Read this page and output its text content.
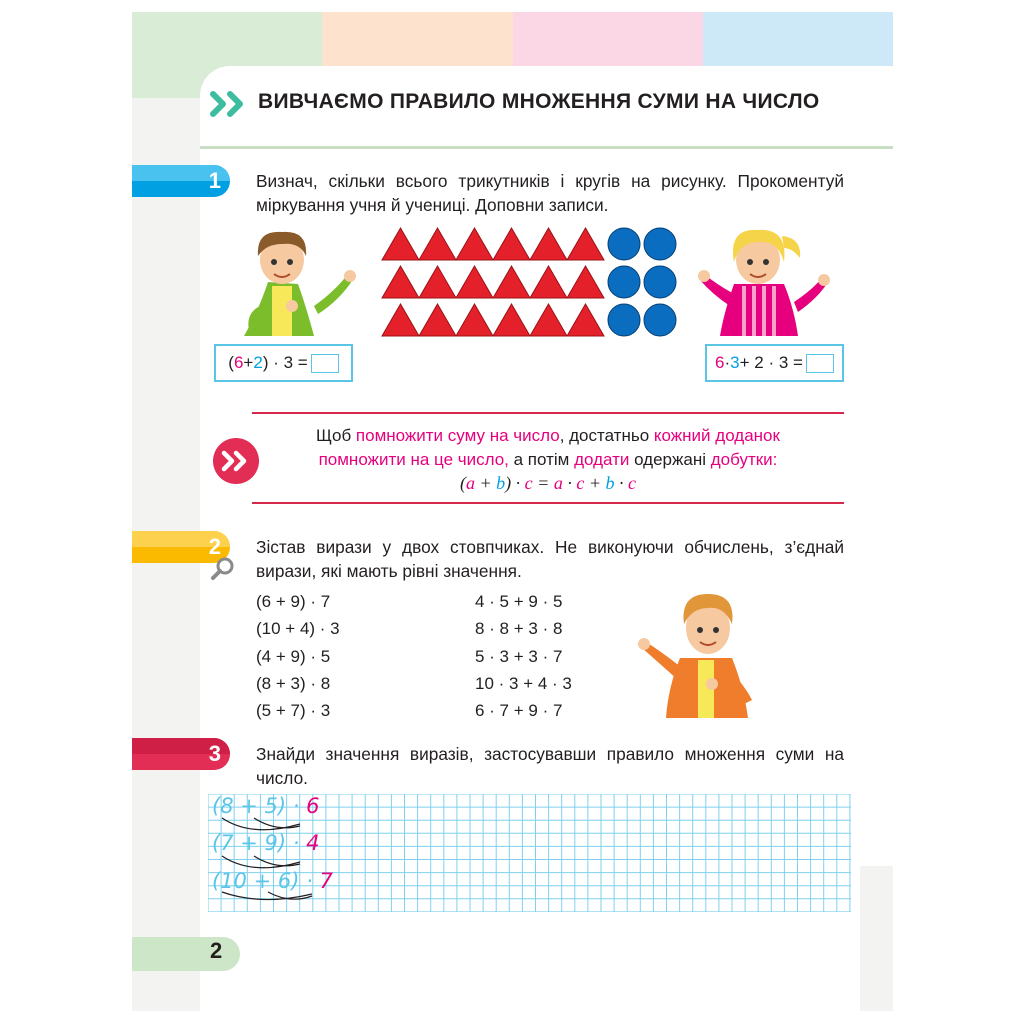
ВИВЧАЄМО ПРАВИЛО МНОЖЕННЯ СУМИ НА ЧИСЛО
1 Визнач, скільки всього трикутників і кругів на рисунку. Прокоментуй міркування учня й учениці. Доповни записи.
( 6 + 2 ) · 3 =	6 · 3 + 2 · 3 =
Щоб помножити суму на число, достатньо кожний доданок
помножити на це число, а потім додати одержані добутки:
(a + b) · c = a · c + b · c
2 Зістав вирази у двох стовпчиках. Не виконуючи обчислень, з’єднай вирази, які мають рівні значення.
(6 + 9) · 7
(10 + 4) · 3
(4 + 9) · 5
(8 + 3) · 8
(5 + 7) · 3
4 · 5 + 9 · 5
8 · 8 + 3 · 8
5 · 3 + 3 · 7
10 · 3 + 4 · 3
6 · 7 + 9 · 7
3 Знайди значення виразів, застосувавши правило множення суми на число.
(8 + 5) · 6
(7 + 9) · 4
(10 + 6) · 7
2
